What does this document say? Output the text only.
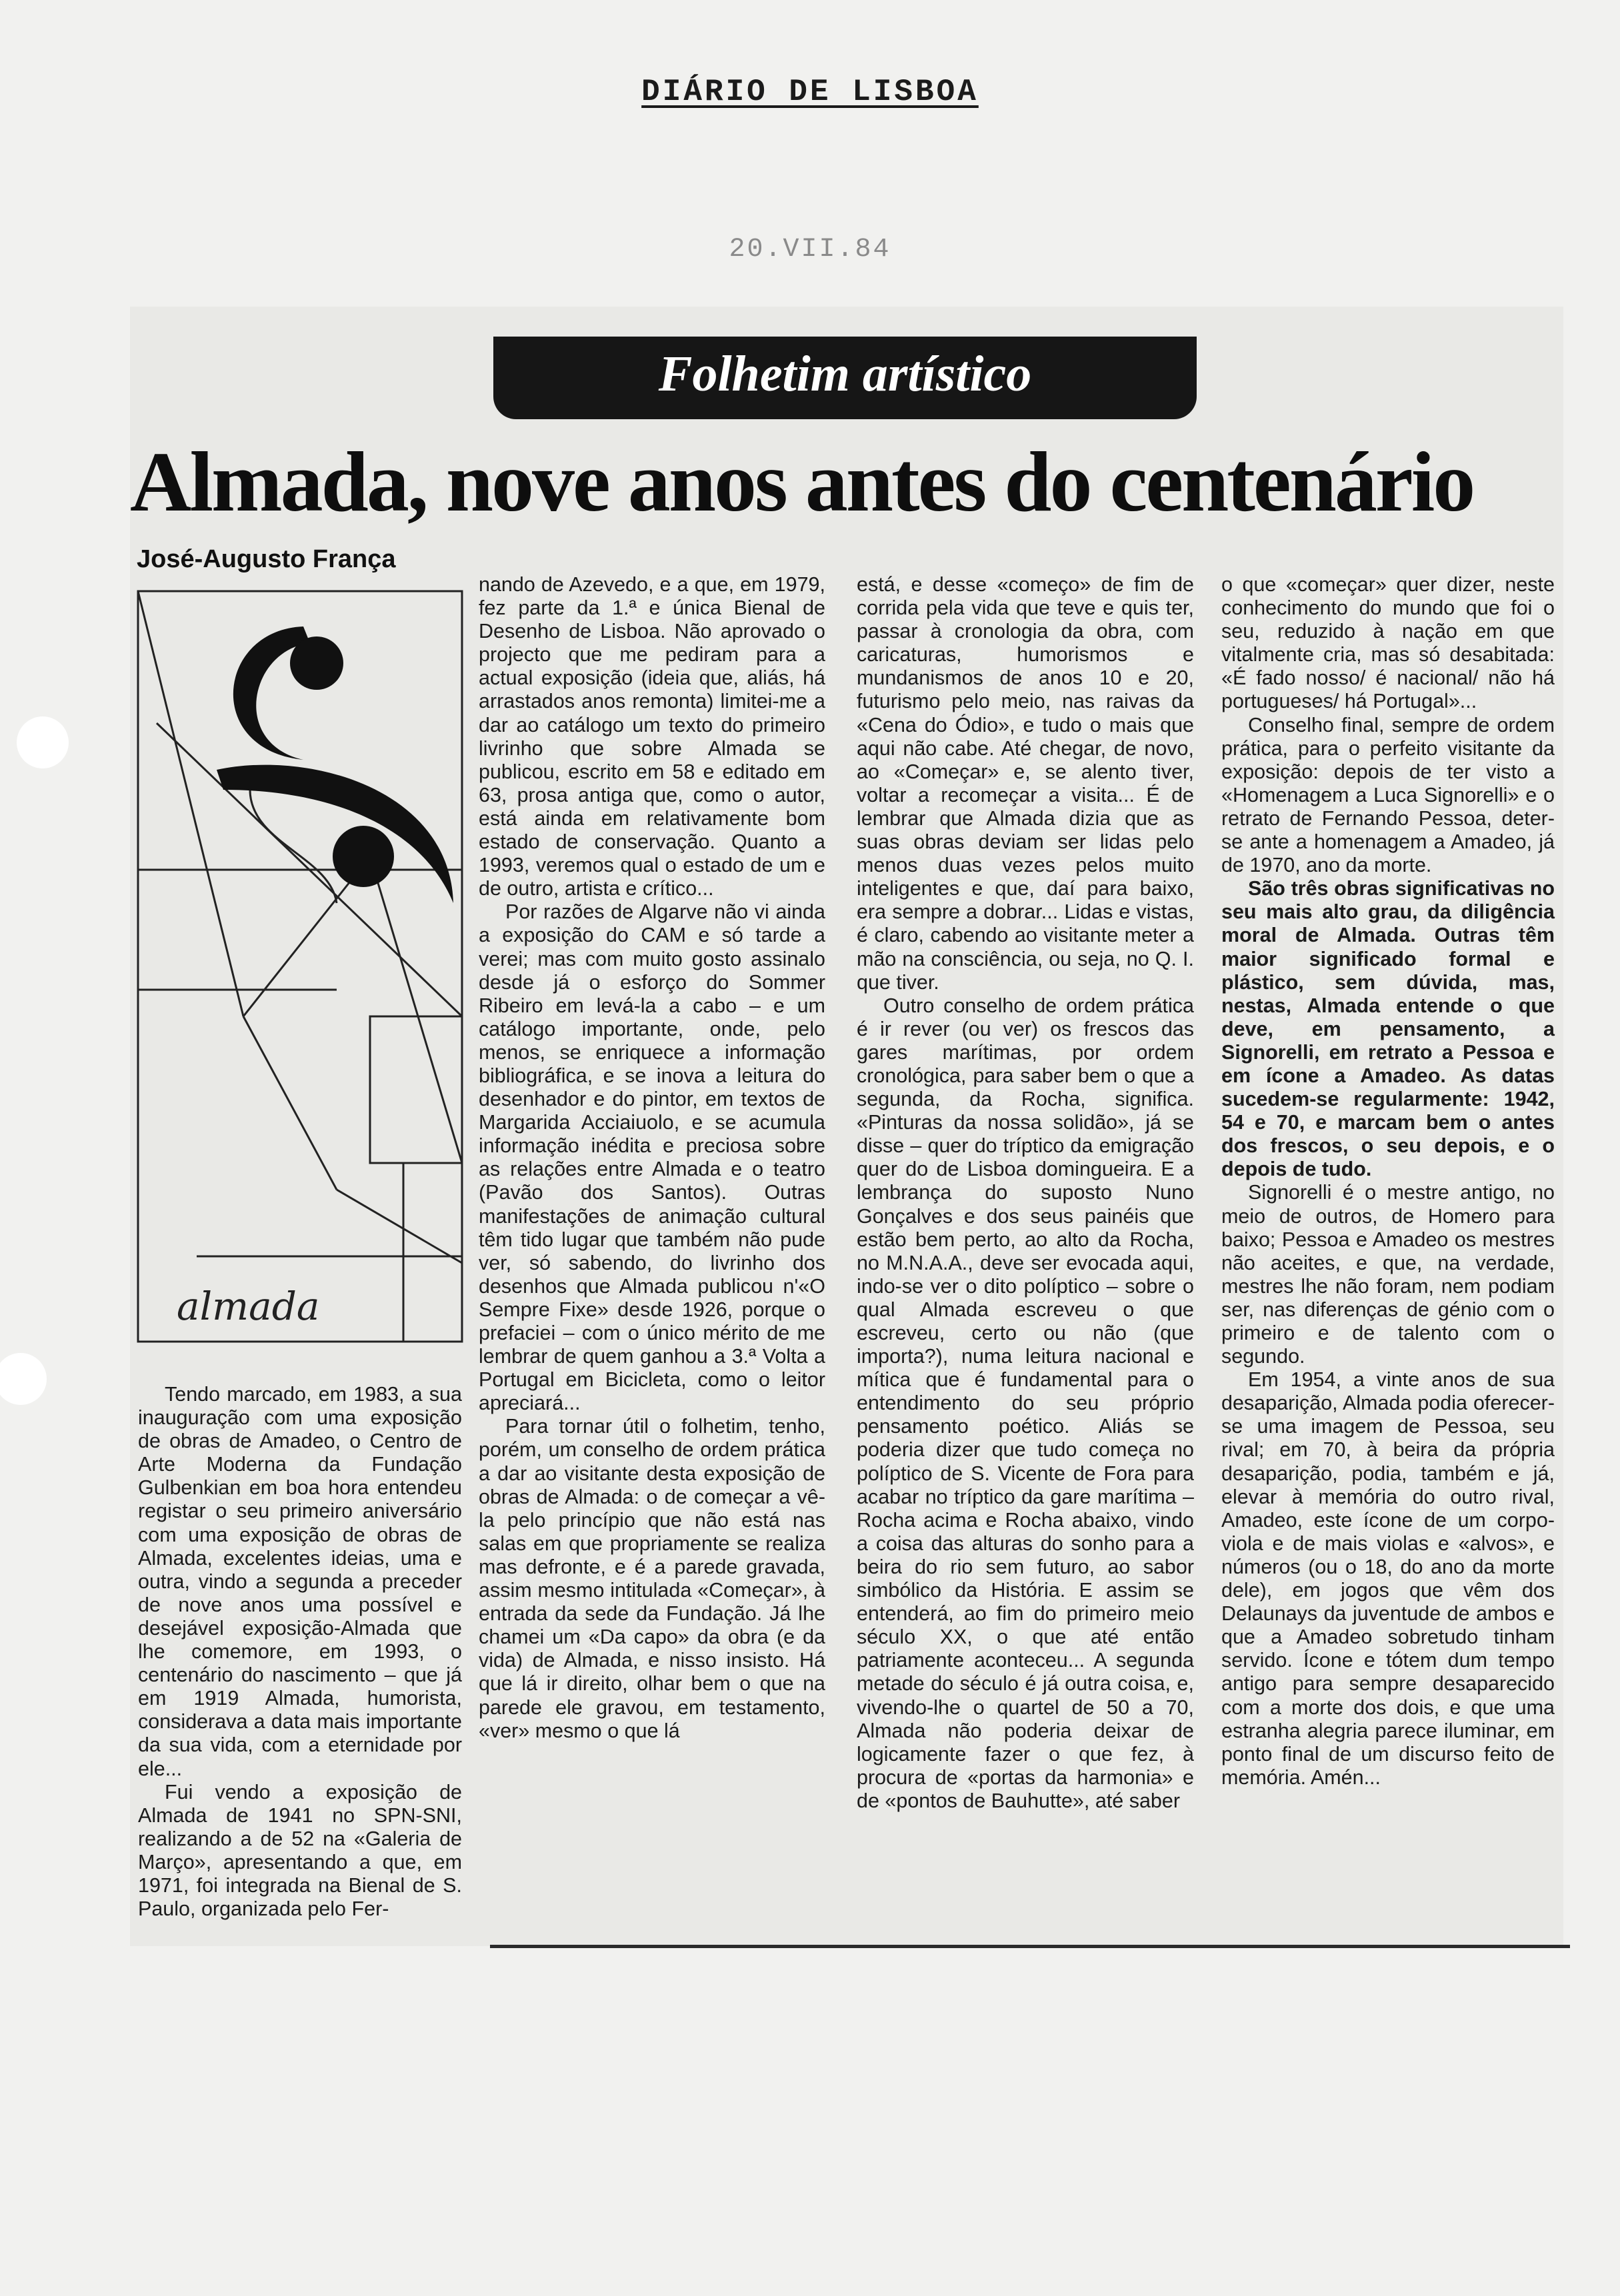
DIÁRIO DE LISBOA
20.VII.84
Folhetim artístico
Almada, nove anos antes do centenário
José-Augusto França
almada

Tendo marcado, em 1983, a sua inauguração com uma exposição de obras de Amadeo, o Centro de Arte Moderna da Fundação Gulbenkian em boa hora entendeu registar o seu primeiro aniversário com uma exposição de obras de Almada, excelentes ideias, uma e outra, vindo a segunda a preceder de nove anos uma possível e desejável exposição-Almada que lhe comemore, em 1993, o centenário do nascimento – que já em 1919 Almada, humorista, considerava a data mais importante da sua vida, com a eternidade por ele...

Fui vendo a exposição de Almada de 1941 no SPN-SNI, realizando a de 52 na «Galeria de Março», apresentando a que, em 1971, foi integrada na Bienal de S. Paulo, organizada pelo Fer-

nando de Azevedo, e a que, em 1979, fez parte da 1.ª e única Bienal de Desenho de Lisboa. Não aprovado o projecto que me pediram para a actual exposição (ideia que, aliás, há arrastados anos remonta) limitei-me a dar ao catálogo um texto do primeiro livrinho que sobre Almada se publicou, escrito em 58 e editado em 63, prosa antiga que, como o autor, está ainda em relativamente bom estado de conservação. Quanto a 1993, veremos qual o estado de um e de outro, artista e crítico...

Por razões de Algarve não vi ainda a exposição do CAM e só tarde a verei; mas com muito gosto assinalo desde já o esforço do Sommer Ribeiro em levá-la a cabo – e um catálogo importante, onde, pelo menos, se enriquece a informação bibliográfica, e se inova a leitura do desenhador e do pintor, em textos de Margarida Acciaiuolo, e se acumula informação inédita e preciosa sobre as relações entre Almada e o teatro (Pavão dos Santos). Outras manifestações de animação cultural têm tido lugar que também não pude ver, só sabendo, do livrinho dos desenhos que Almada publicou n'«O Sempre Fixe» desde 1926, porque o prefaciei – com o único mérito de me lembrar de quem ganhou a 3.ª Volta a Portugal em Bicicleta, como o leitor apreciará...

Para tornar útil o folhetim, tenho, porém, um conselho de ordem prática a dar ao visitante desta exposição de obras de Almada: o de começar a vê-la pelo princípio que não está nas salas em que propriamente se realiza mas defronte, e é a parede gravada, assim mesmo intitulada «Começar», à entrada da sede da Fundação. Já lhe chamei um «Da capo» da obra (e da vida) de Almada, e nisso insisto. Há que lá ir direito, olhar bem o que na parede ele gravou, em testamento, «ver» mesmo o que lá

está, e desse «começo» de fim de corrida pela vida que teve e quis ter, passar à cronologia da obra, com caricaturas, humorismos e mundanismos de anos 10 e 20, futurismo pelo meio, nas raivas da «Cena do Ódio», e tudo o mais que aqui não cabe. Até chegar, de novo, ao «Começar» e, se alento tiver, voltar a recomeçar a visita... É de lembrar que Almada dizia que as suas obras deviam ser lidas pelo menos duas vezes pelos muito inteligentes e que, daí para baixo, era sempre a dobrar... Lidas e vistas, é claro, cabendo ao visitante meter a mão na consciência, ou seja, no Q. I. que tiver.

Outro conselho de ordem prática é ir rever (ou ver) os frescos das gares marítimas, por ordem cronológica, para saber bem o que a segunda, da Rocha, significa. «Pinturas da nossa solidão», já se disse – quer do tríptico da emigração quer do de Lisboa domingueira. E a lembrança do suposto Nuno Gonçalves e dos seus painéis que estão bem perto, ao alto da Rocha, no M.N.A.A., deve ser evocada aqui, indo-se ver o dito políptico – sobre o qual Almada escreveu o que escreveu, certo ou não (que importa?), numa leitura nacional e mítica que é fundamental para o entendimento do seu próprio pensamento poético. Aliás se poderia dizer que tudo começa no políptico de S. Vicente de Fora para acabar no tríptico da gare marítima – Rocha acima e Rocha abaixo, vindo a coisa das alturas do sonho para a beira do rio sem futuro, ao sabor simbólico da História. E assim se entenderá, ao fim do primeiro meio século XX, o que até então patriamente aconteceu... A segunda metade do século é já outra coisa, e, vivendo-lhe o quartel de 50 a 70, Almada não poderia deixar de logicamente fazer o que fez, à procura de «portas da harmonia» e de «pontos de Bauhutte», até saber

o que «começar» quer dizer, neste conhecimento do mundo que foi o seu, reduzido à nação em que vitalmente cria, mas só desabitada: «É fado nosso/ é nacional/ não há portugueses/ há Portugal»...

Conselho final, sempre de ordem prática, para o perfeito visitante da exposição: depois de ter visto a «Homenagem a Luca Signorelli» e o retrato de Fernando Pessoa, deter-se ante a homenagem a Amadeo, já de 1970, ano da morte.

São três obras significativas no seu mais alto grau, da diligência moral de Almada. Outras têm maior significado formal e plástico, sem dúvida, mas, nestas, Almada entende o que deve, em pensamento, a Signorelli, em retrato a Pessoa e em ícone a Amadeo. As datas sucedem-se regularmente: 1942, 54 e 70, e marcam bem o antes dos frescos, o seu depois, e o depois de tudo.

Signorelli é o mestre antigo, no meio de outros, de Homero para baixo; Pessoa e Amadeo os mestres não aceites, e que, na verdade, mestres lhe não foram, nem podiam ser, nas diferenças de génio com o primeiro e de talento com o segundo.

Em 1954, a vinte anos de sua desaparição, Almada podia oferecer-se uma imagem de Pessoa, seu rival; em 70, à beira da própria desaparição, podia, também e já, elevar à memória do outro rival, Amadeo, este ícone de um corpo-viola e de mais violas e «alvos», e números (ou o 18, do ano da morte dele), em jogos que vêm dos Delaunays da juventude de ambos e que a Amadeo sobretudo tinham servido. Ícone e tótem dum tempo antigo para sempre desaparecido com a morte dos dois, e que uma estranha alegria parece iluminar, em ponto final de um discurso feito de memória. Amén...
